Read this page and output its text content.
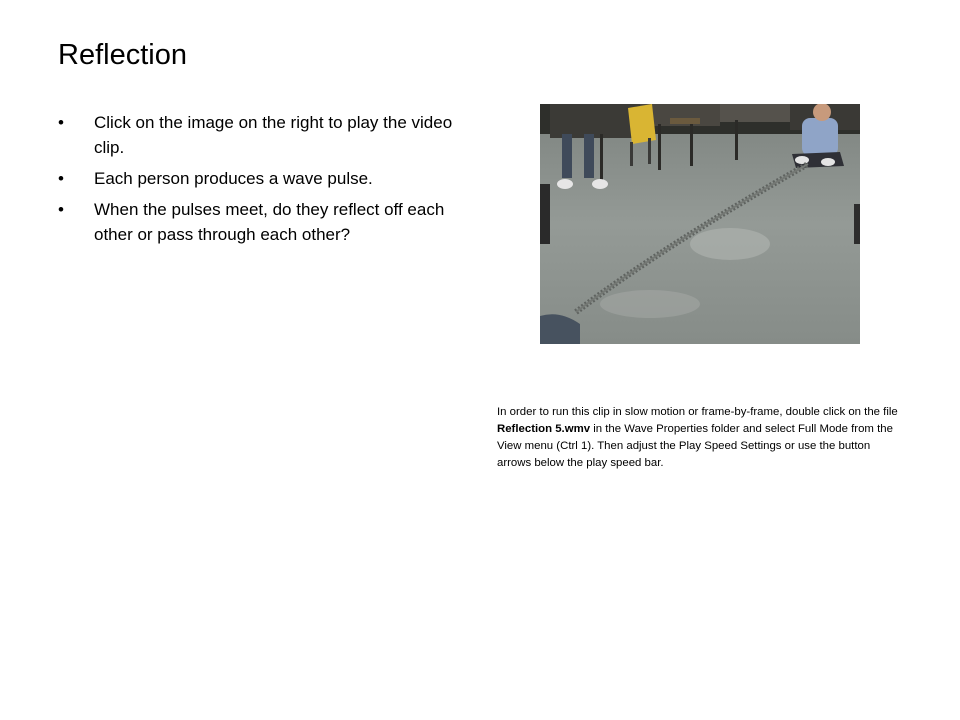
Reflection
• Click on the image on the right to play the video clip.
• Each person produces a wave pulse.
• When the pulses meet, do they reflect off each other or pass through each other?

In order to run this clip in slow motion or frame-by-frame, double click on the file Reflection 5.wmv in the Wave Properties folder and select Full Mode from the View menu (Ctrl 1). Then adjust the Play Speed Settings or use the button arrows below the play speed bar.
